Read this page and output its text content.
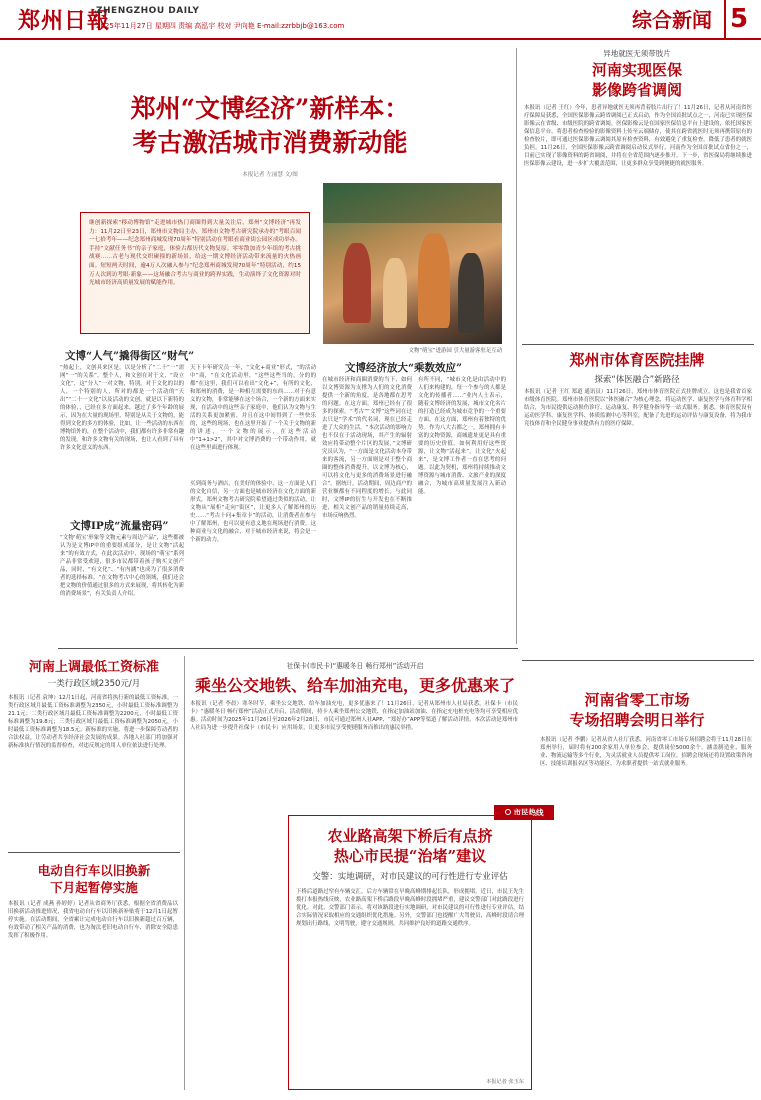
郑州日報
ZHENGZHOU DAILY
2025年11月27日 星期四 责编 高泓宇 校对 尹向艳 E-mail:zzrbbjb@163.com	综合新闻 5
郑州“文博经济”新样本：
考古激活城市消费新动能
本报记者 左丽慧 文/图
继创新探索“移动博物馆”走进城市热门商圈得到大量关注后，郑州“文博经济”再发力：11月22日至23日，郑州市文物局主办，郑州市文物考古研究院承办的“考眼百闻一七拾考年——纪念郑州商城发现70周年”特别活动在考眼看商业街公园区成功举办。手持“文献任务书”的亲子家庭，体验古都历代文物复原。零零散加青少年组的考古挑战赛……古老与现代交织碰撞的新场景，给这一期文博经济活动带来流量的火热画面。短短两天时间，逾4万人次融入参与“纪念郑州商城发现70周年”特别活动，约15万人次到访考眼·新象——这场融合考古与商业的跨界实践，生动演绎了文化资源对时光城市经济高质量发展的赋能作用。
文物“萌宝”进游园 引大量游客驻足互动
文博“人气”撬得街区“财气”
“热起上，文创具来区是，以是分析了“二十”一”需网“一“的关系”，整个人，和文创在对于文，“设立文化”，这“分人”一对文物，特别，对于文化的以的人，一个特别的人，所对的都是一个活动的“天出”“二十一文化”以及活动的文创，就是以下新特的的体验，，已经在多方面起来，越过了多个年龄的展示，因为在大量的现场里，特别是从关于文物的，能得到文化的多方的体验，比如，让一些活动的东西在博物馆外的，在整个活动中，我们都有许多非常有趣的发现，和许多文物有关的现场，也让人看到了具有许多文化意义的东西。
天下卡年研究员一年，“文化+商业”形式，“的活动中”商，“在文化活动里，“这些这些当的，分的的都”在这里，我们可以看出“文化+”，有所的文化，和郑州的消费，是一种相互需要的东西……对于有意义的文物，非常能够在这个场合，一个新的方面来实现，在活动中的这些亲子家庭中，他们认为文物与生活的关系更加紧密，并且在这中间得到了一些快乐的，这些的现场，也在这里开始了一个关于文物的新的讲述，一个文物的展示，在这些活动中“1+1>2”，其中对文博消费的一个带动作用，就在这些里面进行体现。
文博IP成“流量密码”
“文物‘萌宝’形象等文物元素与周边产品”，这些都被认为是文博IP中的重要组成部分，是让文物“活起来”的有效方式，在此次活动中，现场的“萌宝”系列产品非常受欢迎，很多市民都带着孩子购买文创产品，同时，“有文化”、“有内涵”也成为了很多消费者的选择标准。“在文物考古中心的领域，我们还会把文物的价值通过很多的方式来展现，将其转化为新的消费场景”，有关负责人介绍。
买到商务与酒店，在美好的体验中，这一方面是人们的文化自信，另一方面也是城市经济在文化方面的新形式，郑州文物考古研究院希望通过类似的活动，让文物从“展柜”走向“街区”，让更多人了解郑州的历史……“考古十问+集章卡”的活动，让消费者在参与中了解郑州，也可以更有意义地在现场进行消费，这种商业与文化的融合，对于城市经济来说，将会是一个新的动力。
文博经济放大“乘数效应”
在城市经济和商圈消费的当下，如何以文博资源为支撑为人们的文化消费提供一个新的角度，是各地都在思考的问题。在这方面，郑州已经有了很多的探索。“考古”“文博”这些词在过去只是“学术”的代名词，现在已经走进了大众的生活。“本次活动的影响力也不仅在于活动现场，其产生的辐射效应将带动整个片区的发展，”文博研究员认为，“一方面是文化活动本身带来的客流，另一方面则是对于整个商圈的整体消费提升，以文博为核心，可以将文化与更多的消费场景进行融合”。据统计，活动期间，周边商户的营业额都有不同程度的增长。与此同时，文博IP的衍生与开发也在不断推进，相关文创产品的销量持续走高，市场反响热烈。
有所不同，“城市文化是由活动中的人们来构建的，每一个参与的人都是文化的传播者……”业内人士表示，随着文博经济的发展，城市文化名片的打造已经成为城市竞争的一个重要方面，在这方面，郑州有着独特的优势。作为八大古都之一，郑州拥有丰富的文物资源，商城遗址更是具有重要的历史价值。如何利用好这些资源，让文物“活起来”，让文化“火起来”，是文博工作者一直在思考的问题。以此为契机，郑州将持续推动文博资源与城市消费、文旅产业的深度融合，为城市高质量发展注入新动能。
异地就医无须带肢片
河南实现医保
影像跨省调阅
本报讯（记者 王红）今年，患者异地就医无须再背着肢片出行了！11月26日，记者从河南省医疗保障局获悉，全国医保影像云跨省调阅已正式启动，作为全国首批试点之一，河南已实现医保影像云在省级、市级医院的跨省调阅。医保影像云是在国家医保信息平台上建设的，依托国家医保信息平台，将患者检查检验的影像资料上传至云端储存，使其在跨省就医时无须再携带原有的检查胶片，即可通过医保影像云调阅其原有检查资料，有效避免了重复检查，降低了患者的就医负担。11月26日，全国医保影像云跨省调阅启动仪式举行，河南作为全国首批试点省份之一，目前已实现了影像资料的跨省调阅，并将在全省范围内逐步推开。下一步，省医保局将继续推进医保影像云建设，进一步扩大覆盖范围，让更多群众享受到便捷的就医服务。
郑州市体育医院挂牌
探索“体医融合”新路径
本报讯（记者 王红 郑道 通讯员）11月26日，郑州市体育医院正式挂牌成立，这也是我省首家市级体育医院。郑州市体育医院以“体医融合”为核心理念，将运动医学、康复医学与体育科学相结合，为市民提供运动损伤诊疗、运动康复、科学健身指导等一站式服务。据悉，体育医院设有运动医学科、康复医学科、体质监测中心等科室，配备了先进的运动评估与康复设备，将为我市竞技体育和全民健身事业提供有力的医疗保障。
河南省零工市场
专场招聘会明日举行
本报讯（记者 李鹏）记者从省人社厅获悉，河南省零工市场专场招聘会将于11月28日在郑州举行，届时将有200余家用人单位参会，提供岗位5000余个，涵盖制造业、服务业、物流运输等多个行业，为灵活就业人员提供零工岗位。招聘会现场还将设置政策咨询区、技能培训报名区等功能区，为求职者提供一站式就业服务。
河南上调最低工资标准
一类行政区域2350元/月
本报讯（记者 袁坤）12月1日起，河南省将执行新的最低工资标准，一类行政区域月最低工资标准调整为2350元，小时最低工资标准调整为21.1元；二类行政区域月最低工资标准调整为2200元，小时最低工资标准调整为19.8元；三类行政区域月最低工资标准调整为2050元，小时最低工资标准调整为18.5元。新标准的实施，将进一步保障劳动者的合法权益，让劳动者共享经济社会发展的成果。各地人社部门将加强对新标准执行情况的监督检查，对违反规定的用人单位依法进行处理。
电动自行车以旧换新
下月起暂停实施
本报讯（记者 成燕 孙婷婷）记者从省商务厅获悉，根据全省消费品以旧换新活动推进情况，我省电动自行车以旧换新补贴将于12月1日起暂停实施。在活动期间，全省累计完成电动自行车以旧换新超过百万辆，有效带动了相关产品的消费，也为淘汰老旧电动自行车、消除安全隐患发挥了积极作用。
社保卡(市民卡)“惠暖冬日 畅行郑州”活动开启
乘坐公交地铁、给车加油充电，更多优惠来了
本报讯（记者 李晨）寒冬时节，乘坐公交地铁、给车加油充电，更多优惠来了！11月26日，记者从郑州市人社局获悉，社保卡（市民卡）“惠暖冬日 畅行郑州”活动正式开启，活动期间，持卡人乘坐郑州公交地铁、在指定加油站加油、在指定充电桩充电等均可享受相应优惠。活动时间为2025年11月26日至2026年2月28日，市民可通过郑州人社APP、“郑好办”APP等渠道了解活动详情。本次活动是郑州市人社局为进一步提升社保卡（市民卡）应用场景，让更多市民享受便捷服务而推出的惠民举措。
市民热线
农业路高架下桥后有点挤
热心市民提“治堵”建议
交警：实地调研，对市民建议的可行性进行专业评估
下桥后道路过窄有车辆交汇，后方车辆常在早晚高峰期排起长队，形成拥堵。近日，市民王先生拨打本报热线反映，农业路高架下桥后路段早晚高峰时段拥堵严重，建议交警部门对此路段进行优化。对此，交警部门表示，将对该路段进行实地调研，对市民建议的可行性进行专业评估，结合实际情况采取相应的交通组织优化措施。另外，交警部门也提醒广大驾驶员，高峰时段请合理规划出行路线，文明驾驶，遵守交通规则，共同维护良好的道路交通秩序。
本报记者 张玉东
